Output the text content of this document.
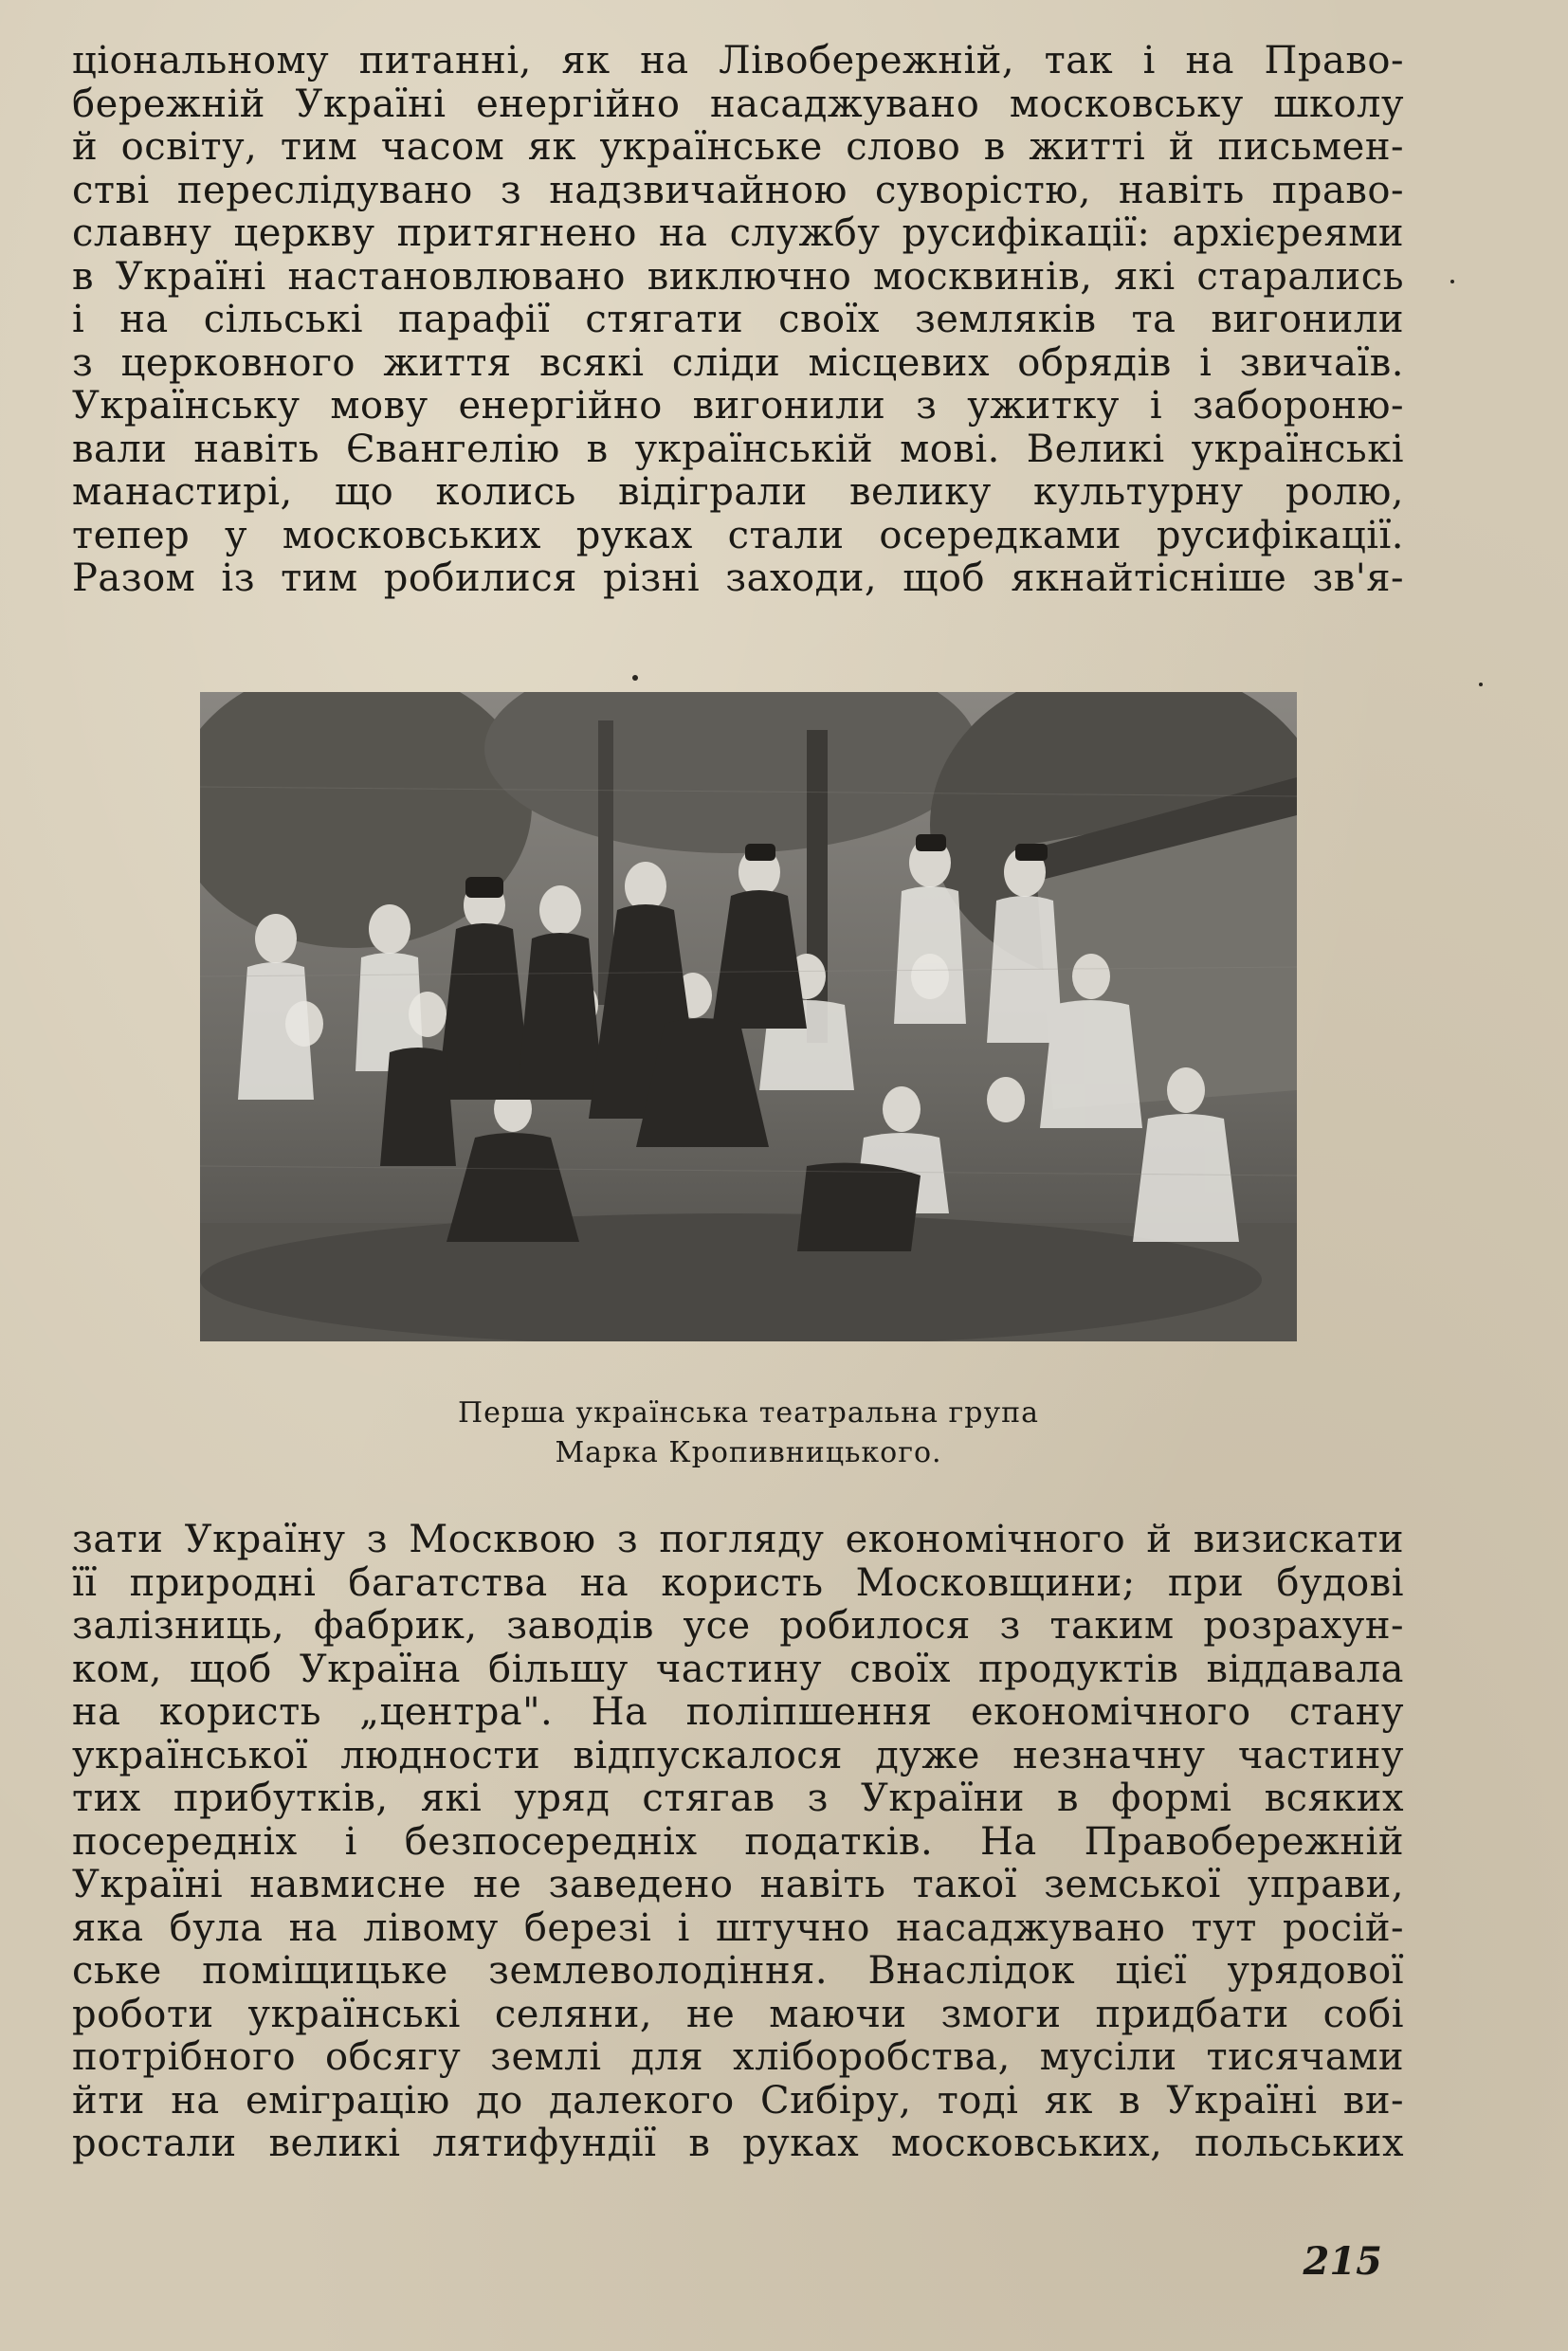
ціональному питанні, як на Лівобережній, так і на Право-
бережній Україні енергійно насаджувано московську школу
й освіту, тим часом як українське слово в житті й письмен-
стві переслідувано з надзвичайною суворістю, навіть право-
славну церкву притягнено на службу русифікації: архієреями
в Україні настановлювано виключно москвинів, які старались
і на сільські парафії стягати своїх земляків та вигонили
з церковного життя всякі сліди місцевих обрядів і звичаїв.
Українську мову енергійно вигонили з ужитку і забороню-
вали навіть Євангелію в українській мові. Великі українські
манастирі, що колись відіграли велику культурну ролю,
тепер у московських руках стали осередками русифікації.
Разом із тим робилися різні заходи, щоб якнайтісніше зв'я-
Перша українська театральна група
Марка Кропивницького.
зати Україну з Москвою з погляду економічного й визискати
її природні багатства на користь Московщини; при будові
залізниць, фабрик, заводів усе робилося з таким розрахун-
ком, щоб Україна більшу частину своїх продуктів віддавала
на користь „центра". На поліпшення економічного стану
української людности відпускалося дуже незначну частину
тих прибутків, які уряд стягав з України в формі всяких
посередніх і безпосередніх податків. На Правобережній
Україні навмисне не заведено навіть такої земської управи,
яка була на лівому березі і штучно насаджувано тут росій-
ське поміщицьке землеволодіння. Внаслідок цієї урядової
роботи українські селяни, не маючи змоги придбати собі
потрібного обсягу землі для хліборобства, мусіли тисячами
йти на еміграцію до далекого Сибіру, тоді як в Україні ви-
ростали великі лятифундії в руках московських, польських
215
